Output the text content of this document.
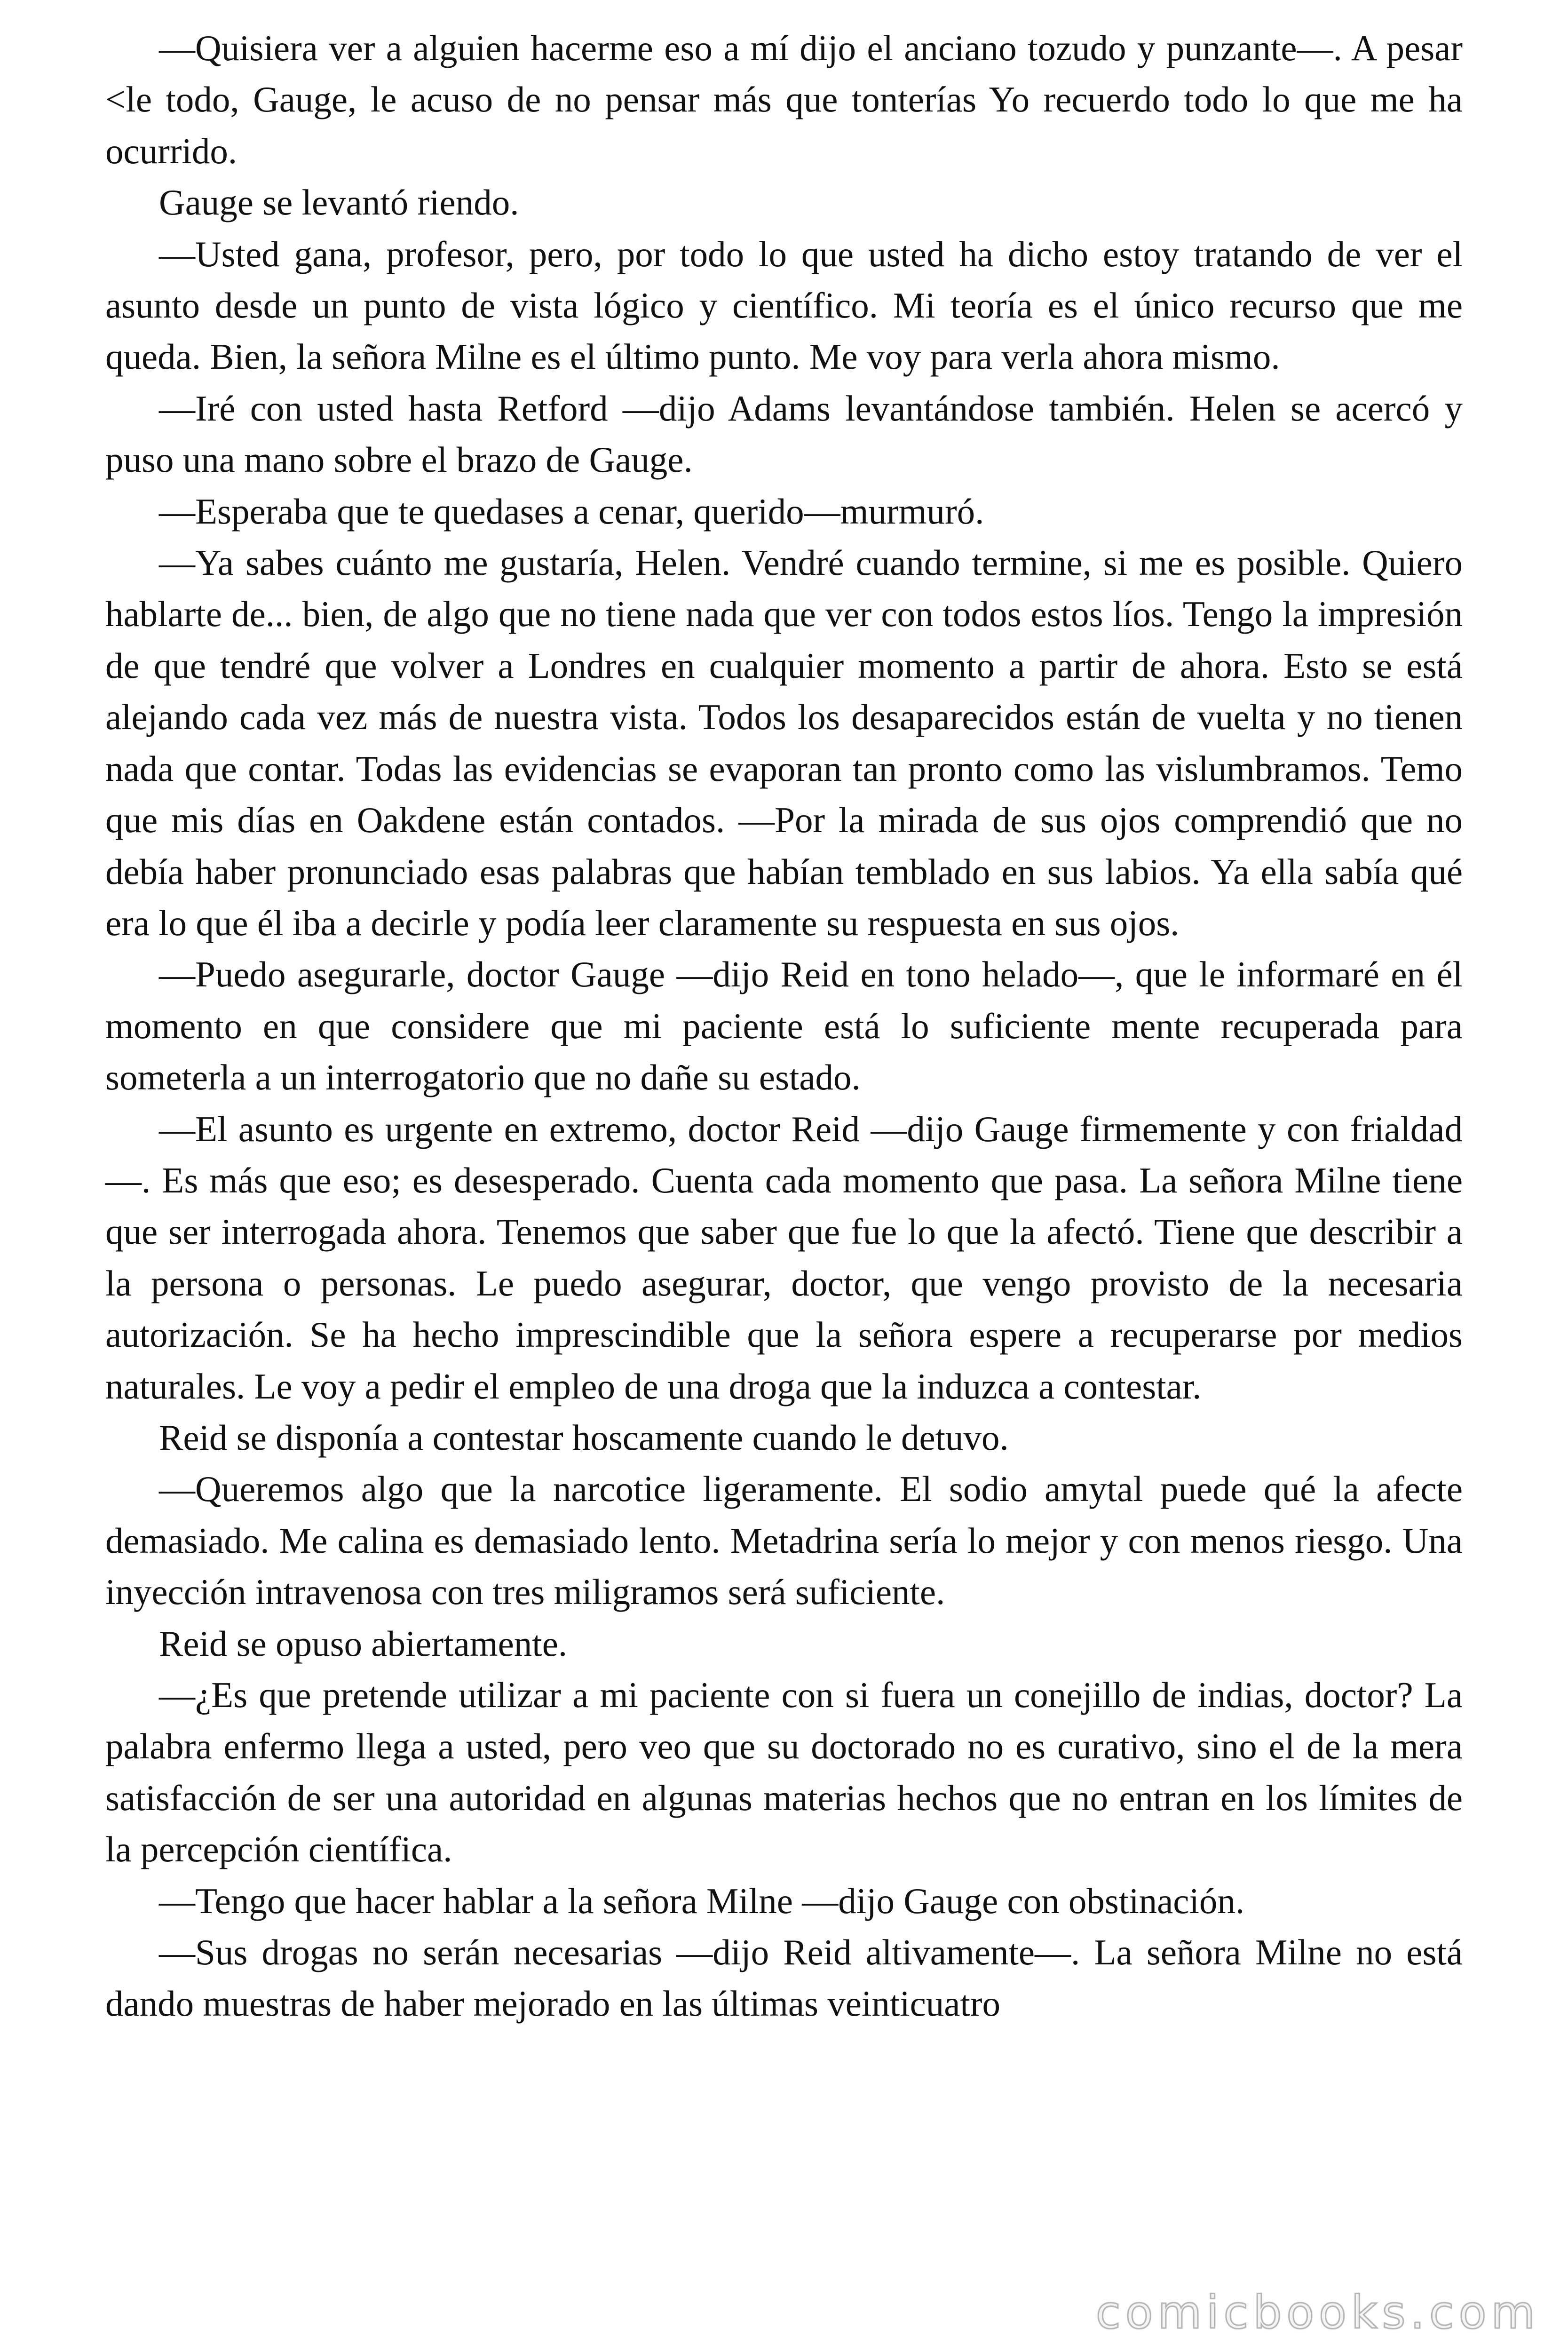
—Quisiera ver a alguien hacerme eso a mí dijo el anciano tozudo y punzante—. A pesar <le todo, Gauge, le acuso de no pensar más que tonterías Yo recuerdo todo lo que me ha ocurrido.

Gauge se levantó riendo.

—Usted gana, profesor, pero, por todo lo que usted ha dicho estoy tratando de ver el asunto desde un punto de vista lógico y científico. Mi teoría es el único recurso que me queda. Bien, la señora Milne es el último punto. Me voy para verla ahora mismo.

—Iré con usted hasta Retford —dijo Adams levantándose también. Helen se acercó y puso una mano sobre el brazo de Gauge.

—Esperaba que te quedases a cenar, querido—murmuró.

—Ya sabes cuánto me gustaría, Helen. Vendré cuando termine, si me es posible. Quiero hablarte de... bien, de algo que no tiene nada que ver con todos estos líos. Tengo la impresión de que tendré que volver a Londres en cualquier momento a partir de ahora. Esto se está alejando cada vez más de nuestra vista. Todos los desaparecidos están de vuelta y no tienen nada que contar. Todas las evidencias se evaporan tan pronto como las vislumbramos. Temo que mis días en Oakdene están contados. —Por la mirada de sus ojos comprendió que no debía haber pronunciado esas palabras que habían temblado en sus labios. Ya ella sabía qué era lo que él iba a decirle y podía leer claramente su respuesta en sus ojos.

—Puedo asegurarle, doctor Gauge —dijo Reid en tono helado—, que le informaré en él momento en que considere que mi paciente está lo suficiente mente recuperada para someterla a un interrogatorio que no dañe su estado.

—El asunto es urgente en extremo, doctor Reid —dijo Gauge firmemente y con frialdad—. Es más que eso; es desesperado. Cuenta cada momento que pasa. La señora Milne tiene que ser interrogada ahora. Tenemos que saber que fue lo que la afectó. Tiene que describir a la persona o personas. Le puedo asegurar, doctor, que vengo provisto de la necesaria autorización. Se ha hecho imprescindible que la señora espere a recuperarse por medios naturales. Le voy a pedir el empleo de una droga que la induzca a contestar.

Reid se disponía a contestar hoscamente cuando le detuvo.

—Queremos algo que la narcotice ligeramente. El sodio amytal puede qué la afecte demasiado. Me calina es demasiado lento. Metadrina sería lo mejor y con menos riesgo. Una inyección intravenosa con tres miligramos será suficiente.

Reid se opuso abiertamente.

—¿Es que pretende utilizar a mi paciente con si fuera un conejillo de indias, doctor? La palabra enfermo llega a usted, pero veo que su doctorado no es curativo, sino el de la mera satisfacción de ser una autoridad en algunas materias hechos que no entran en los límites de la percepción científica.

—Tengo que hacer hablar a la señora Milne —dijo Gauge con obstinación.

—Sus drogas no serán necesarias —dijo Reid altivamente—. La señora Milne no está dando muestras de haber mejorado en las últimas veinticuatro

comicbooks.com
